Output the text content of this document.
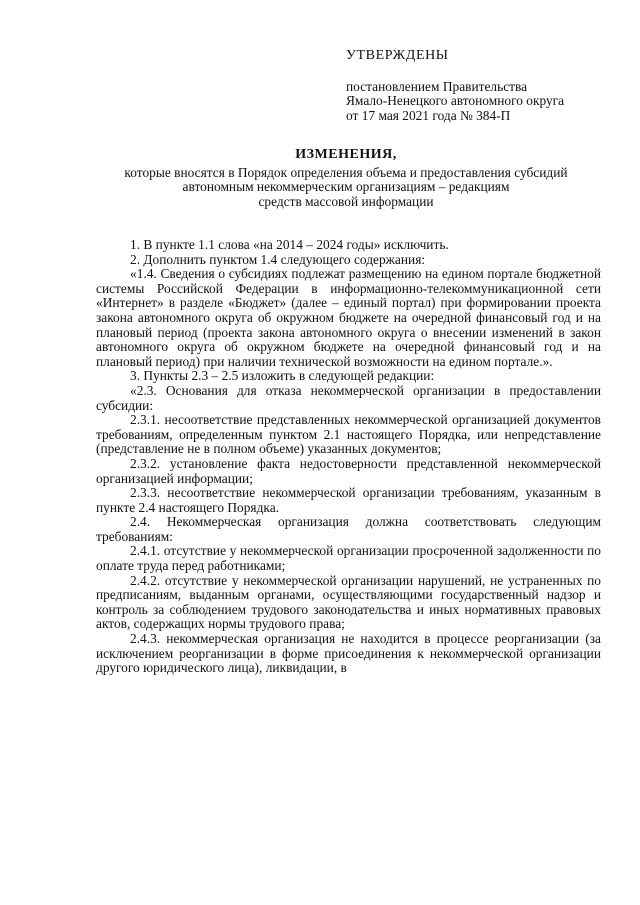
УТВЕРЖДЕНЫ
постановлением Правительства
Ямало-Ненецкого автономного округа
от 17 мая 2021 года № 384-П
ИЗМЕНЕНИЯ,
которые вносятся в Порядок определения объема и предоставления субсидий
автономным некоммерческим организациям – редакциям
средств массовой информации
1. В пункте 1.1 слова «на 2014 – 2024 годы» исключить.
2. Дополнить пунктом 1.4 следующего содержания:
«1.4. Сведения о субсидиях подлежат размещению на едином портале бюджетной системы Российской Федерации в информационно-телекоммуникационной сети «Интернет» в разделе «Бюджет» (далее – единый портал) при формировании проекта закона автономного округа об окружном бюджете на очередной финансовый год и на плановый период (проекта закона автономного округа о внесении изменений в закон автономного округа об окружном бюджете на очередной финансовый год и на плановый период) при наличии технической возможности на едином портале.».
3. Пункты 2.3 – 2.5 изложить в следующей редакции:
«2.3. Основания для отказа некоммерческой организации в предоставлении субсидии:
2.3.1. несоответствие представленных некоммерческой организацией документов требованиям, определенным пунктом 2.1 настоящего Порядка, или непредставление (представление не в полном объеме) указанных документов;
2.3.2. установление факта недостоверности представленной некоммерческой организацией информации;
2.3.3. несоответствие некоммерческой организации требованиям, указанным в пункте 2.4 настоящего Порядка.
2.4. Некоммерческая организация должна соответствовать следующим требованиям:
2.4.1. отсутствие у некоммерческой организации просроченной задолженности по оплате труда перед работниками;
2.4.2. отсутствие у некоммерческой организации нарушений, не устраненных по предписаниям, выданным органами, осуществляющими государственный надзор и контроль за соблюдением трудового законодательства и иных нормативных правовых актов, содержащих нормы трудового права;
2.4.3. некоммерческая организация не находится в процессе реорганизации (за исключением реорганизации в форме присоединения к некоммерческой организации другого юридического лица), ликвидации, в
